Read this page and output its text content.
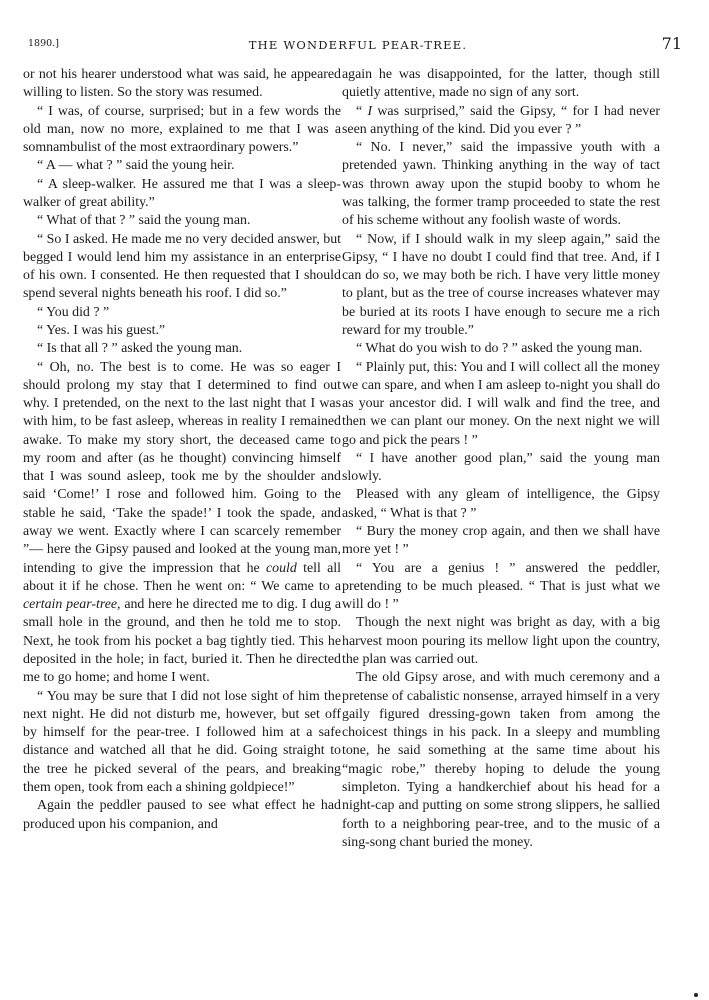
1890.]	THE WONDERFUL PEAR-TREE.	71

or not his hearer understood what was said, he appeared willing to listen. So the story was resumed.

“ I was, of course, surprised; but in a few words the old man, now no more, explained to me that I was a somnambulist of the most extraordinary powers.”

“ A — what ? ” said the young heir.

“ A sleep-walker. He assured me that I was a sleep-walker of great ability.”

“ What of that ? ” said the young man.

“ So I asked. He made me no very decided answer, but begged I would lend him my assistance in an enterprise of his own. I consented. He then requested that I should spend several nights beneath his roof. I did so.”

“ You did ? ”

“ Yes. I was his guest.”

“ Is that all ? ” asked the young man.

“ Oh, no. The best is to come. He was so eager I should prolong my stay that I determined to find out why. I pretended, on the next to the last night that I was with him, to be fast asleep, whereas in reality I remained awake. To make my story short, the deceased came to my room and after (as he thought) convincing himself that I was sound asleep, took me by the shoulder and said ‘Come!’ I rose and followed him. Going to the stable he said, ‘Take the spade!’ I took the spade, and away we went. Exactly where I can scarcely remember ”— here the Gipsy paused and looked at the young man, intending to give the impression that he could tell all about it if he chose. Then he went on: “ We came to a certain pear-tree, and here he directed me to dig. I dug a small hole in the ground, and then he told me to stop. Next, he took from his pocket a bag tightly tied. This he deposited in the hole; in fact, buried it. Then he directed me to go home; and home I went.

“ You may be sure that I did not lose sight of him the next night. He did not disturb me, however, but set off by himself for the pear-tree. I followed him at a safe distance and watched all that he did. Going straight to the tree he picked several of the pears, and breaking them open, took from each a shining goldpiece!”

Again the peddler paused to see what effect he had produced upon his companion, and

again he was disappointed, for the latter, though still quietly attentive, made no sign of any sort.

“ I was surprised,” said the Gipsy, “ for I had never seen anything of the kind. Did you ever ? ”

“ No. I never,” said the impassive youth with a pretended yawn. Thinking anything in the way of tact was thrown away upon the stupid booby to whom he was talking, the former tramp proceeded to state the rest of his scheme without any foolish waste of words.

“ Now, if I should walk in my sleep again,” said the Gipsy, “ I have no doubt I could find that tree. And, if I can do so, we may both be rich. I have very little money to plant, but as the tree of course increases whatever may be buried at its roots I have enough to secure me a rich reward for my trouble.”

“ What do you wish to do ? ” asked the young man.

“ Plainly put, this: You and I will collect all the money we can spare, and when I am asleep to-night you shall do as your ancestor did. I will walk and find the tree, and then we can plant our money. On the next night we will go and pick the pears ! ”

“ I have another good plan,” said the young man slowly.

Pleased with any gleam of intelligence, the Gipsy asked, “ What is that ? ”

“ Bury the money crop again, and then we shall have more yet ! ”

“ You are a genius ! ” answered the peddler, pretending to be much pleased. “ That is just what we will do ! ”

Though the next night was bright as day, with a big harvest moon pouring its mellow light upon the country, the plan was carried out.

The old Gipsy arose, and with much ceremony and a pretense of cabalistic nonsense, arrayed himself in a very gaily figured dressing-gown taken from among the choicest things in his pack. In a sleepy and mumbling tone, he said something at the same time about his “magic robe,” thereby hoping to delude the young simpleton. Tying a handkerchief about his head for a night-cap and putting on some strong slippers, he sallied forth to a neighboring pear-tree, and to the music of a sing-song chant buried the money.
